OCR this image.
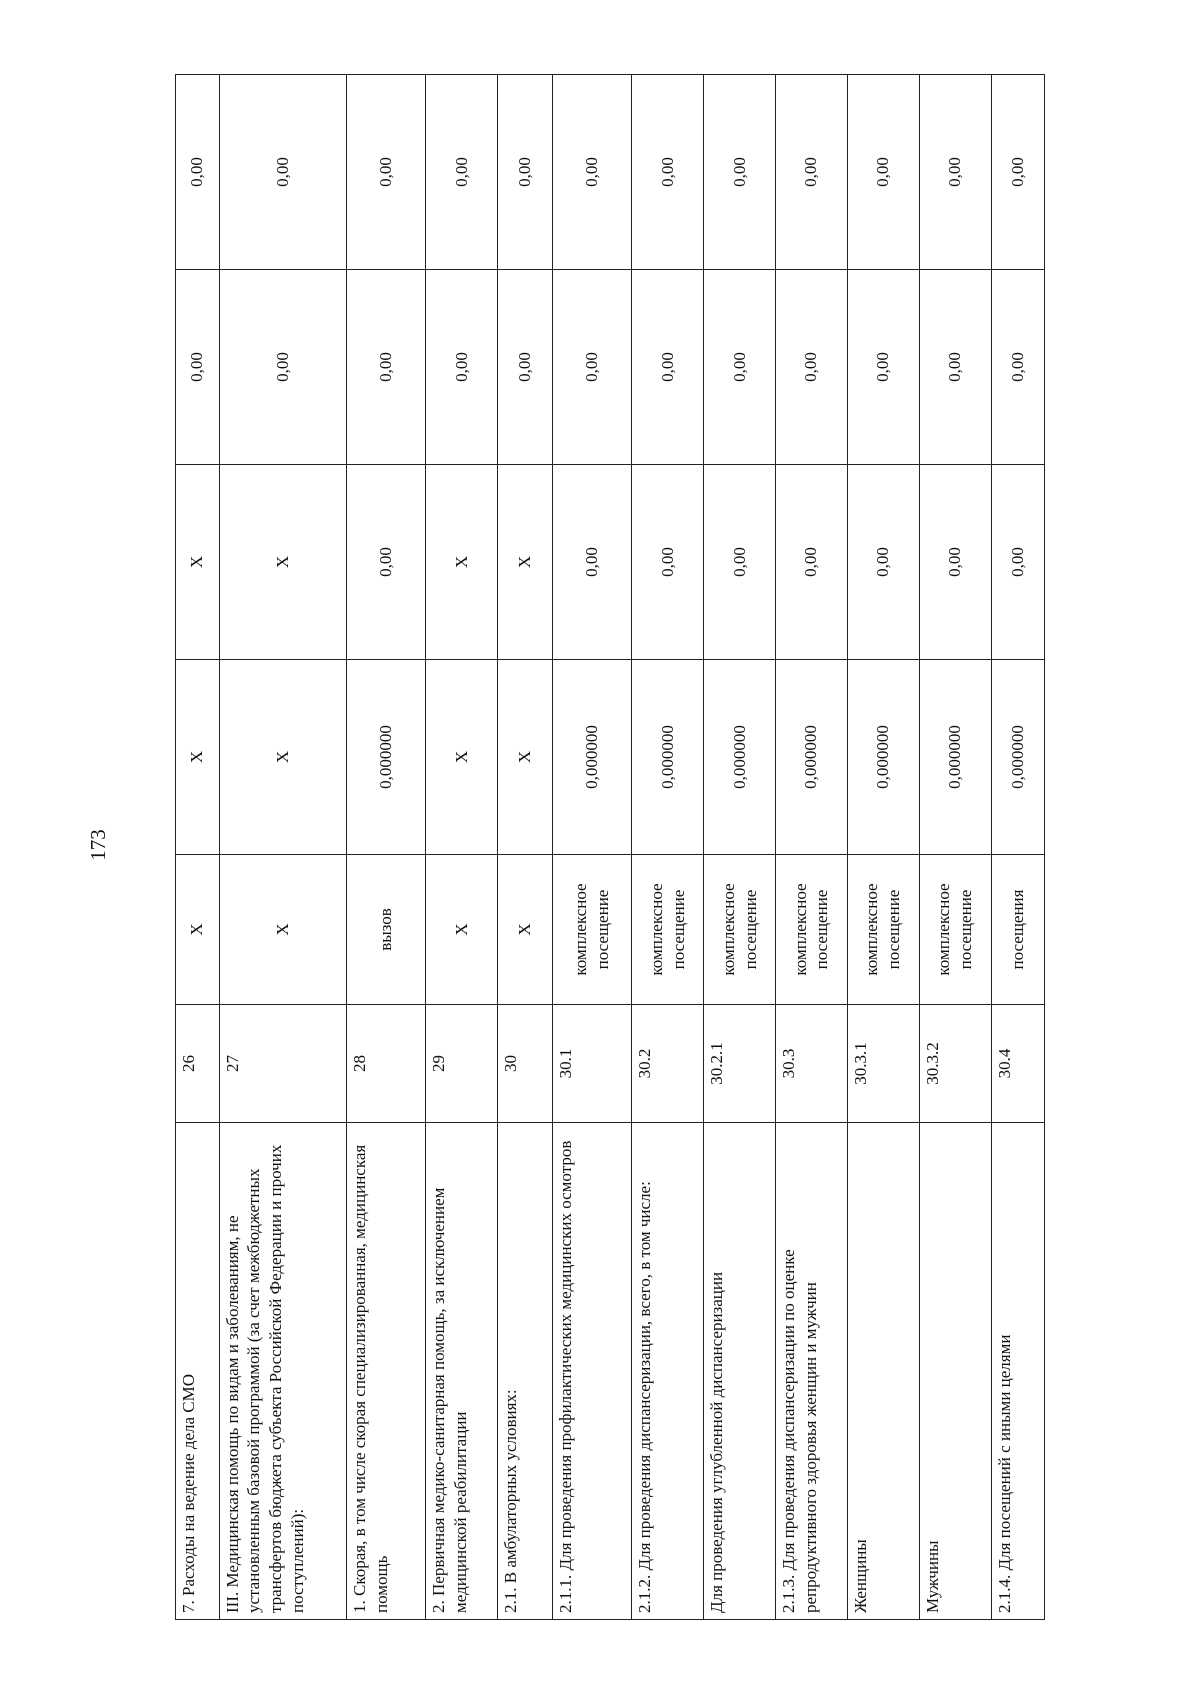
173
7. Расходы на ведение дела СМО	26	Х	Х	Х	0,00	0,00
III. Медицинская помощь по видам и заболеваниям, не установленным базовой программой (за счет межбюджетных трансфертов бюджета субъекта Российской Федерации и прочих поступлений):	27	Х	Х	Х	0,00	0,00
1. Скорая, в том числе скорая специализированная, медицинская помощь	28	вызов	0,000000	0,00	0,00	0,00
2. Первичная медико-санитарная помощь, за исключением медицинской реабилитации	29	Х	Х	Х	0,00	0,00
2.1. В амбулаторных условиях:	30	Х	Х	Х	0,00	0,00
2.1.1. Для проведения профилактических медицинских осмотров	30.1	комплексное посещение	0,000000	0,00	0,00	0,00
2.1.2. Для проведения диспансеризации, всего, в том числе:	30.2	комплексное посещение	0,000000	0,00	0,00	0,00
Для проведения углубленной диспансеризации	30.2.1	комплексное посещение	0,000000	0,00	0,00	0,00
2.1.3. Для проведения диспансеризации по оценке репродуктивного здоровья женщин и мужчин	30.3	комплексное посещение	0,000000	0,00	0,00	0,00
Женщины	30.3.1	комплексное посещение	0,000000	0,00	0,00	0,00
Мужчины	30.3.2	комплексное посещение	0,000000	0,00	0,00	0,00
2.1.4. Для посещений с иными целями	30.4	посещения	0,000000	0,00	0,00	0,00
